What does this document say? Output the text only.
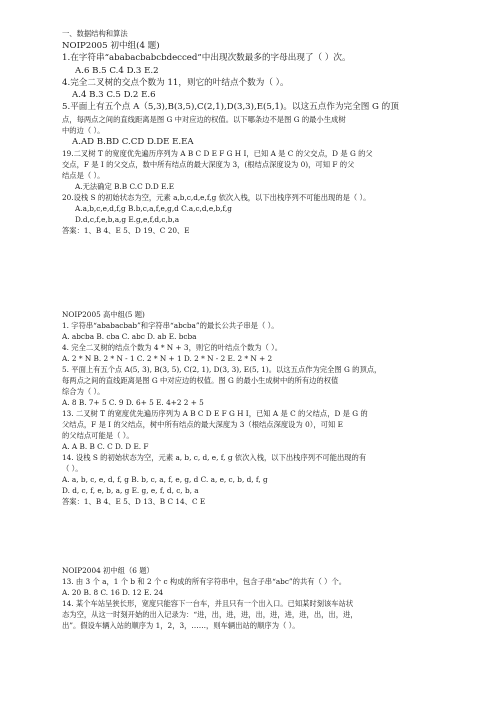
一、数据结构和算法
NOIP2005 初中组(4 题)
1.在字符串“ababacbabcbdecced”中出现次数最多的字母出现了（ ）次。
A.6 B.5 C.4 D.3 E.2
4.完全二叉树的交点个数为 11，则它的叶结点个数为（ ）。
A.4 B.3 C.5 D.2 E.6
5.平面上有五个点 A（5,3),B(3,5),C(2,1),D(3,3),E(5,1)。以这五点作为完全图 G 的顶
点，每两点之间的直线距离是图 G 中对应边的权值。以下哪条边不是图 G 的最小生成树
中的边（ ）。
A.AD B.BD C.CD D.DE E.EA
19.二叉树 T 的宽度优先遍历序列为 A B C D E F G H I，已知 A 是 C 的父交点，D 是 G 的父
交点，F 是 I 的父交点，数中所有结点的最大深度为 3，(根结点深度设为 0)，可知 F 的父
结点是（ ）。
A.无法确定 B.B C.C D.D E.E
20.设栈 S 的初始状态为空，元素 a,b,c,d,e,f,g 依次入栈，以下出栈序列不可能出现的是（ ）。
A.a,b,c,e,d,f,g B.b,c,a,f,e,g,d C.a,c,d,e,b,f,g
D.d,c,f,e,b,a,g E.g,e,f,d,c,b,a
答案：1、B 4、E 5、D 19、C 20、E
NOIP2005 高中组(5 题)
1. 字符串“ababacbab”和字符串“abcba”的最长公共子串是（ ）。
A. abcba B. cba C. abc D. ab E. bcba
4. 完全二叉树的结点个数为 4 * N + 3，则它的叶结点个数为（ ）。
A. 2 * N B. 2 * N - 1 C. 2 * N + 1 D. 2 * N - 2 E. 2 * N + 2
5. 平面上有五个点 A(5, 3), B(3, 5), C(2, 1), D(3, 3), E(5, 1)。以这五点作为完全图 G 的顶点，
每两点之间的直线距离是图 G 中对应边的权值。图 G 的最小生成树中的所有边的权值
综合为（ ）。
A. 8 B. 7+ 5 C. 9 D. 6+ 5 E. 4+2 2 + 5
13. 二叉树 T 的宽度优先遍历序列为 A B C D E F G H I，已知 A 是 C 的父结点，D 是 G 的
父结点，F 是 I 的父结点，树中所有结点的最大深度为 3（根结点深度设为 0），可知 E
的父结点可能是（ ）。
A. A B. B C. C D. D E. F
14. 设栈 S 的初始状态为空，元素 a, b, c, d, e, f, g 依次入栈，以下出栈序列不可能出现的有
（ ）。
A. a, b, c, e, d, f, g B. b, c, a, f, e, g, d C. a, e, c, b, d, f, g
D. d, c, f, e, b, a, g E. g, e, f, d, c, b, a
答案：1、B 4、E 5、D 13、B C 14、C E
NOIP2004 初中组（6 题）
13. 由 3 个 a，1 个 b 和 2 个 c 构成的所有字符串中，包含子串“abc”的共有（ ）个。
A. 20 B. 8 C. 16 D. 12 E. 24
14. 某个车站呈狭长形，宽度只能容下一台车，并且只有一个出入口。已知某时刻该车站状
态为空，从这一时刻开始的出入记录为：“进，出，进，进，出，进，进，进，出，出，进，
出”。假设车辆入站的顺序为 1，2，3，……，则车辆出站的顺序为（ ）。
